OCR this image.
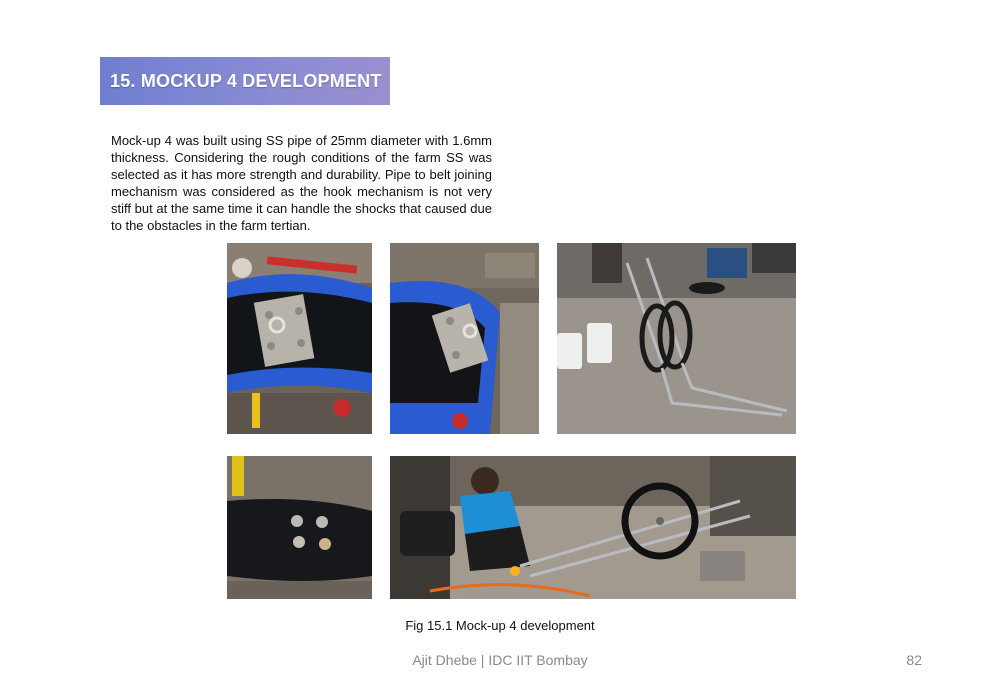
15. MOCKUP 4 DEVELOPMENT
Mock-up 4 was built using SS pipe of 25mm diameter with 1.6mm thickness. Considering the rough conditions of the farm SS was selected as it has more strength and durability. Pipe to belt joining mechanism was considered as the hook mechanism is not very stiff but at the same time it can handle the shocks that caused due to the obstacles in the farm tertian.
Fig 15.1 Mock-up 4 development
Ajit Dhebe | IDC IIT Bombay	82
